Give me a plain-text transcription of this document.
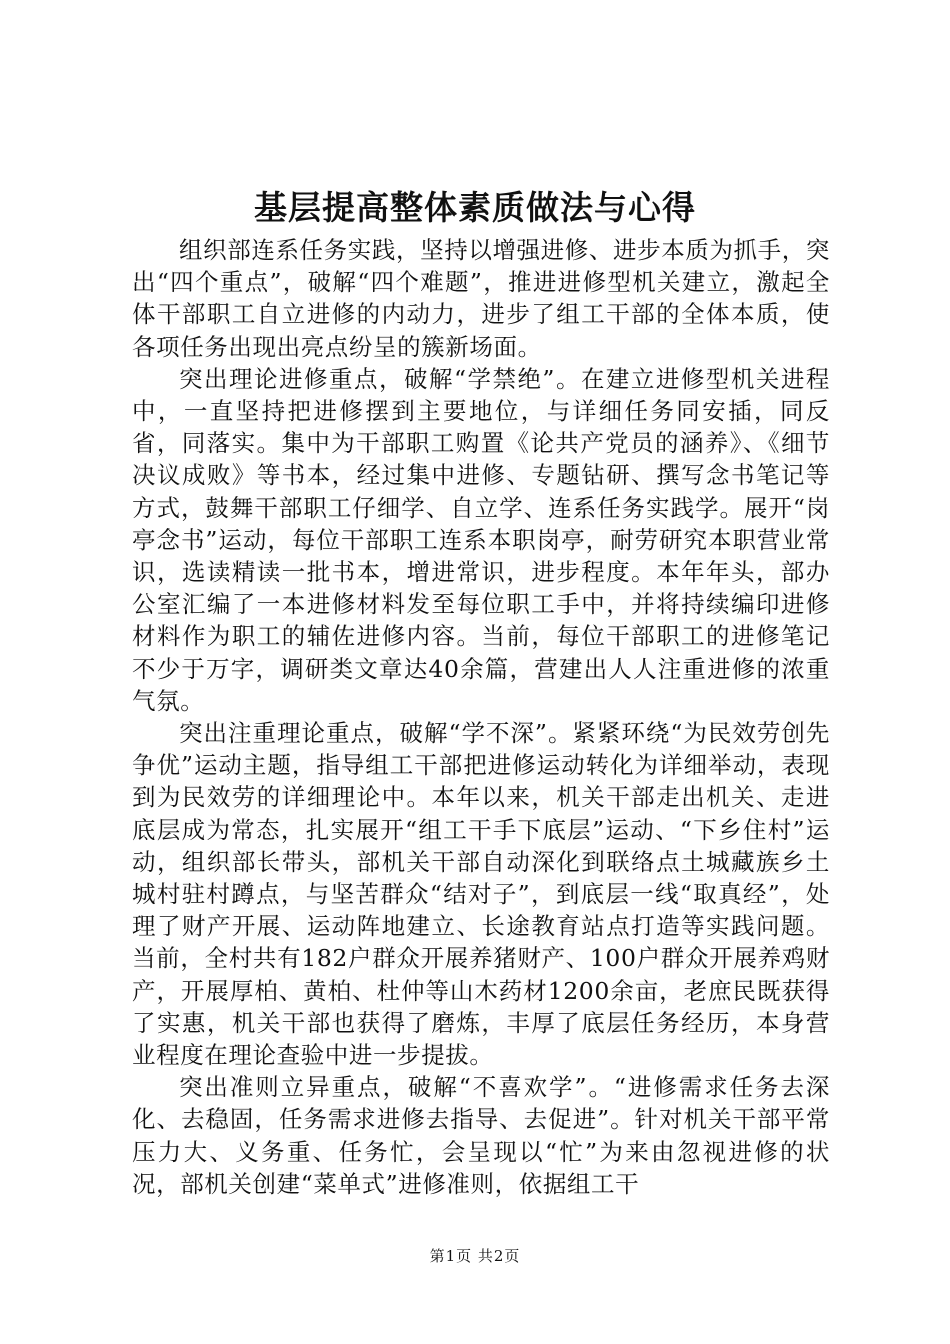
基层提高整体素质做法与心得

组织部连系任务实践，坚持以增强进修、进步本质为抓手，突出“四个重点”，破解“四个难题”，推进进修型机关建立，激起全体干部职工自立进修的内动力，进步了组工干部的全体本质，使各项任务出现出亮点纷呈的簇新场面。

突出理论进修重点，破解“学禁绝”。在建立进修型机关进程中，一直坚持把进修摆到主要地位，与详细任务同安插，同反省，同落实。集中为干部职工购置《论共产党员的涵养》、《细节决议成败》等书本，经过集中进修、专题钻研、撰写念书笔记等方式，鼓舞干部职工仔细学、自立学、连系任务实践学。展开“岗亭念书”运动，每位干部职工连系本职岗亭，耐劳研究本职营业常识，选读精读一批书本，增进常识，进步程度。本年年头，部办公室汇编了一本进修材料发至每位职工手中，并将持续编印进修材料作为职工的辅佐进修内容。当前，每位干部职工的进修笔记不少于万字，调研类文章达40余篇，营建出人人注重进修的浓重气氛。

突出注重理论重点，破解“学不深”。紧紧环绕“为民效劳创先争优”运动主题，指导组工干部把进修运动转化为详细举动，表现到为民效劳的详细理论中。本年以来，机关干部走出机关、走进底层成为常态，扎实展开“组工干手下底层”运动、“下乡住村”运动，组织部长带头，部机关干部自动深化到联络点土城藏族乡土城村驻村蹲点，与坚苦群众“结对子”，到底层一线“取真经”，处理了财产开展、运动阵地建立、长途教育站点打造等实践问题。当前，全村共有182户群众开展养猪财产、100户群众开展养鸡财产，开展厚柏、黄柏、杜仲等山木药材1200余亩，老庶民既获得了实惠，机关干部也获得了磨炼，丰厚了底层任务经历，本身营业程度在理论查验中进一步提拔。

突出准则立异重点，破解“不喜欢学”。“进修需求任务去深化、去稳固，任务需求进修去指导、去促进”。针对机关干部平常压力大、义务重、任务忙，会呈现以“忙”为来由忽视进修的状况，部机关创建“菜单式”进修准则，依据组工干

第1页 共2页
